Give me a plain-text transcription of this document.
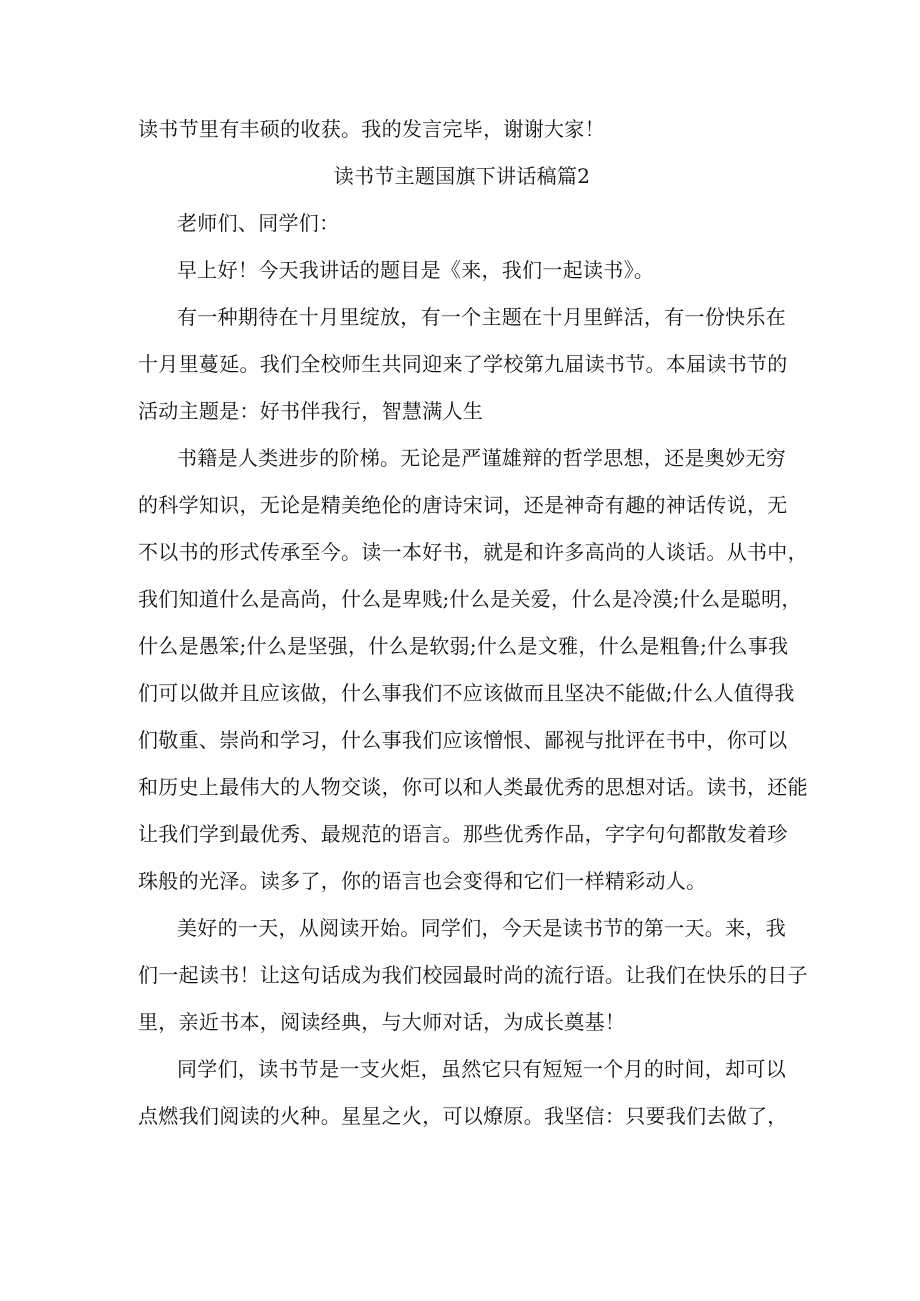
读书节里有丰硕的收获。我的发言完毕，谢谢大家！

读书节主题国旗下讲话稿篇2

老师们、同学们：

早上好！今天我讲话的题目是《来，我们一起读书》。

有一种期待在十月里绽放，有一个主题在十月里鲜活，有一份快乐在

十月里蔓延。我们全校师生共同迎来了学校第九届读书节。本届读书节的

活动主题是：好书伴我行，智慧满人生

书籍是人类进步的阶梯。无论是严谨雄辩的哲学思想，还是奥妙无穷

的科学知识，无论是精美绝伦的唐诗宋词，还是神奇有趣的神话传说，无

不以书的形式传承至今。读一本好书，就是和许多高尚的人谈话。从书中，

我们知道什么是高尚，什么是卑贱;什么是关爱，什么是冷漠;什么是聪明，

什么是愚笨;什么是坚强，什么是软弱;什么是文雅，什么是粗鲁;什么事我

们可以做并且应该做，什么事我们不应该做而且坚决不能做;什么人值得我

们敬重、崇尚和学习，什么事我们应该憎恨、鄙视与批评在书中，你可以

和历史上最伟大的人物交谈，你可以和人类最优秀的思想对话。读书，还能

让我们学到最优秀、最规范的语言。那些优秀作品，字字句句都散发着珍

珠般的光泽。读多了，你的语言也会变得和它们一样精彩动人。

美好的一天，从阅读开始。同学们，今天是读书节的第一天。来，我

们一起读书！让这句话成为我们校园最时尚的流行语。让我们在快乐的日子

里，亲近书本，阅读经典，与大师对话，为成长奠基！

同学们，读书节是一支火炬，虽然它只有短短一个月的时间，却可以

点燃我们阅读的火种。星星之火，可以燎原。我坚信：只要我们去做了，
